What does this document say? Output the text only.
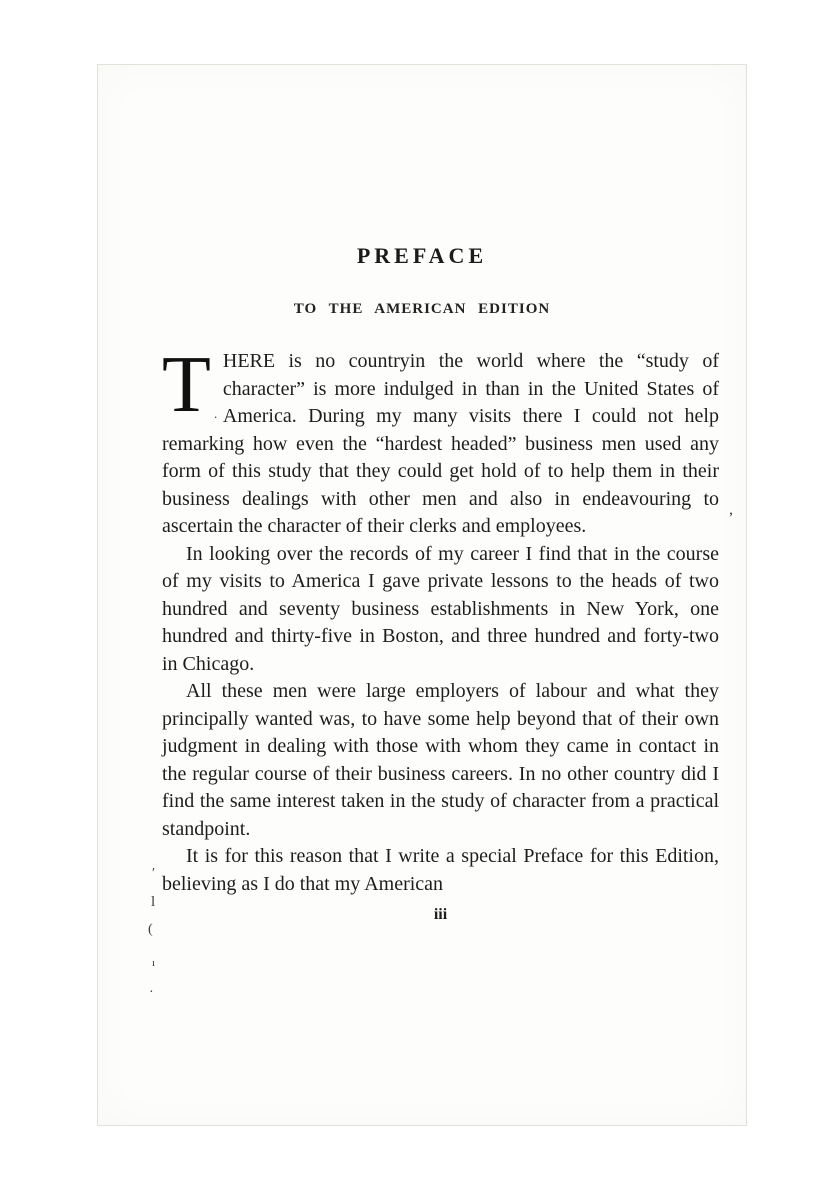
PREFACE
TO THE AMERICAN EDITION

THERE is no countryin the world where the “study of character” is more indulged in than in the United States of America. During my many visits there I could not help remarking how even the “hardest headed” business men used any form of this study that they could get hold of to help them in their business dealings with other men and also in endeavouring to ascertain the character of their clerks and employees.

In looking over the records of my career I find that in the course of my visits to America I gave private lessons to the heads of two hundred and seventy business establishments in New York, one hundred and thirty-five in Boston, and three hundred and forty-two in Chicago.

All these men were large employers of labour and what they principally wanted was, to have some help beyond that of their own judgment in dealing with those with whom they came in contact in the regular course of their business careers. In no other country did I find the same interest taken in the study of character from a practical standpoint.

It is for this reason that I write a special Preface for this Edition, believing as I do that my American

iii
′
l
(
ı
·
,
.
